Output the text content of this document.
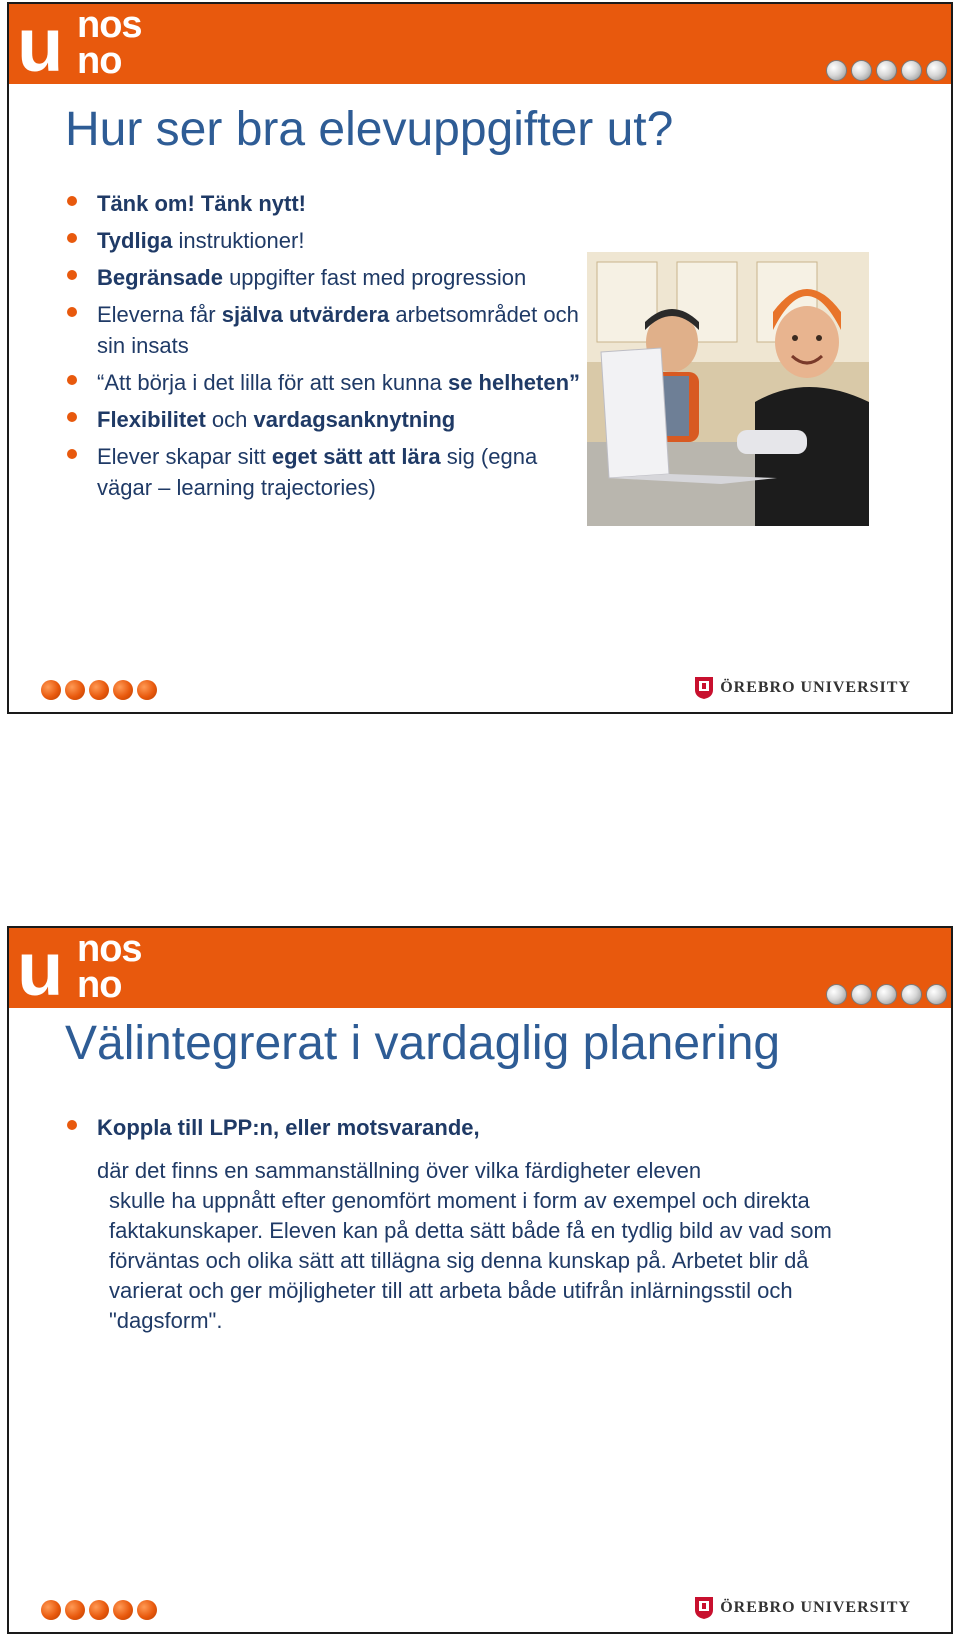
u nos
no
Hur ser bra elevuppgifter ut?
Tänk om! Tänk nytt!
Tydliga instruktioner!
Begränsade uppgifter fast med progression
Eleverna får själva utvärdera arbetsområdet och sin insats
“Att börja i det lilla för att sen kunna se helheten”
Flexibilitet och vardagsanknytning
Elever skapar sitt eget sätt att lära sig (egna vägar – learning trajectories)
ÖREBRO UNIVERSITY
u nos
no
Välintegrerat i vardaglig planering
Koppla till LPP:n, eller motsvarande,
där det finns en sammanställning över vilka färdigheter eleven
skulle ha uppnått efter genomfört moment i form av exempel och direkta faktakunskaper. Eleven kan på detta sätt både få en tydlig bild av vad som förväntas och olika sätt att tillägna sig denna kunskap på. Arbetet blir då varierat och ger möjligheter till att arbeta både utifrån inlärningsstil och "dagsform".
ÖREBRO UNIVERSITY
